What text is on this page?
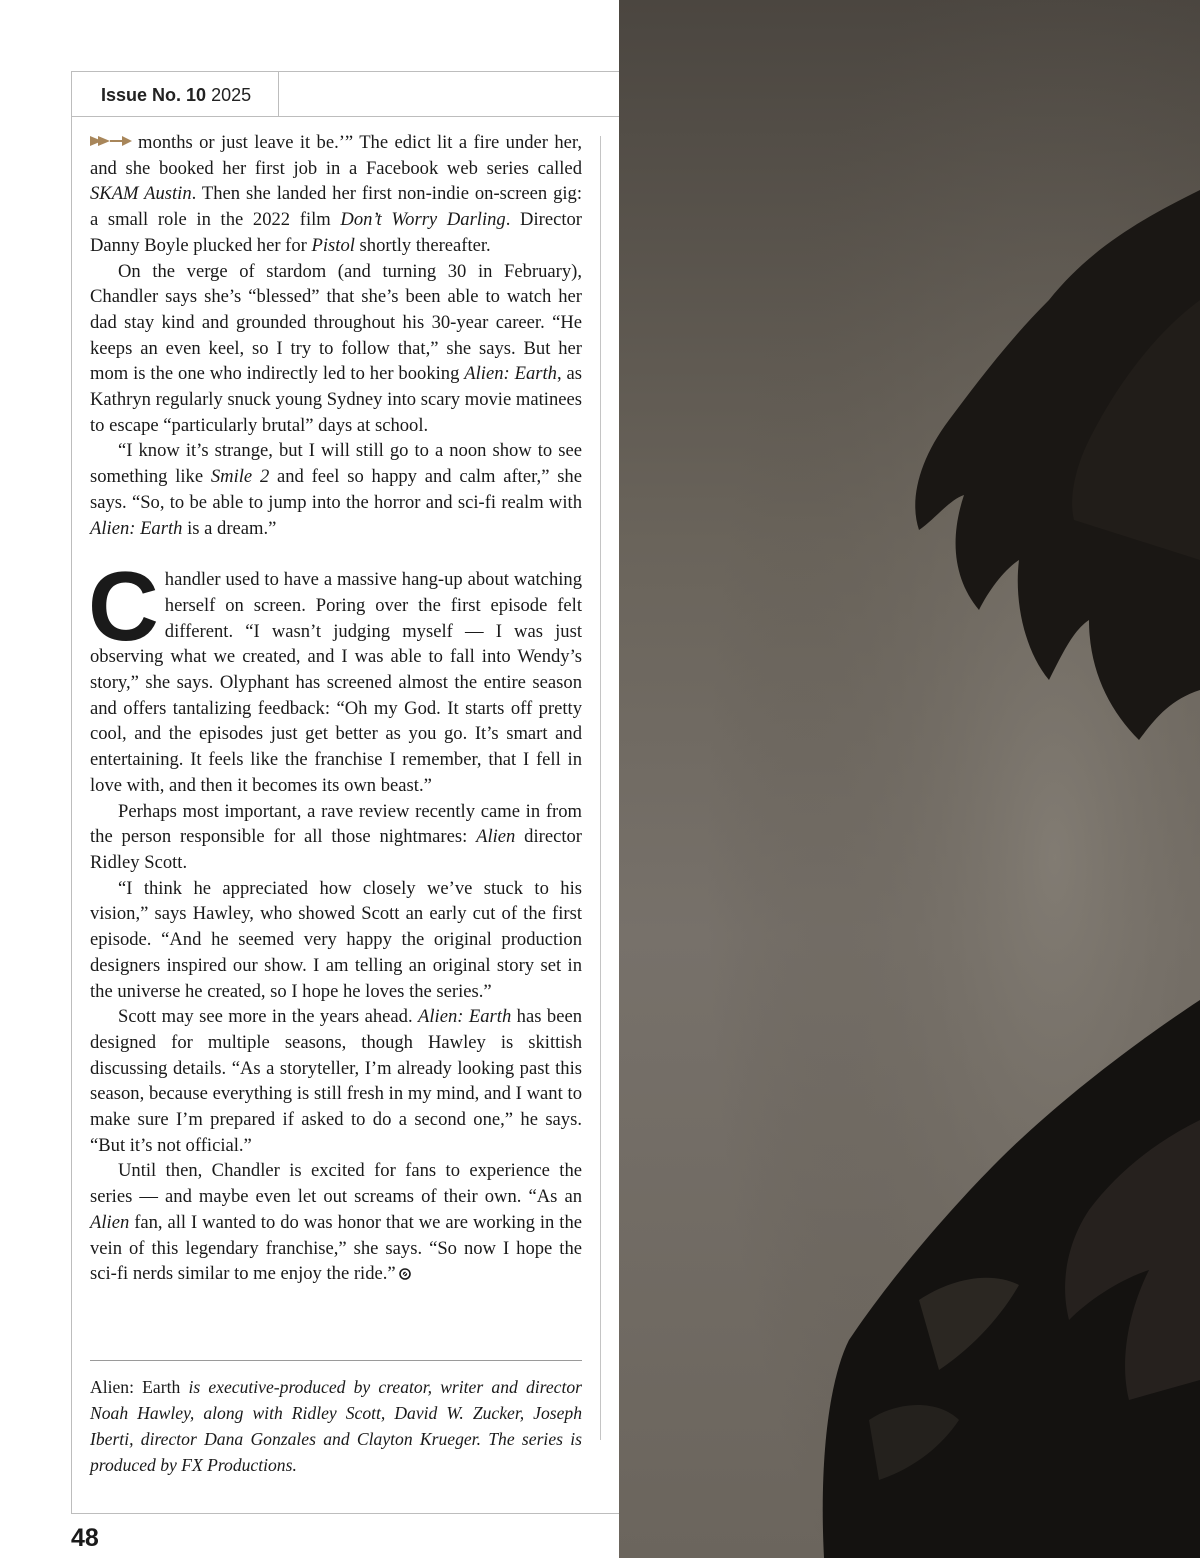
Issue No. 10 2025

months or just leave it be.’” The edict lit a fire under her, and she booked her first job in a Facebook web series called SKAM Austin. Then she landed her first non-indie on-screen gig: a small role in the 2022 film Don’t Worry Darling. Director Danny Boyle plucked her for Pistol shortly thereafter.

On the verge of stardom (and turning 30 in February), Chandler says she’s “blessed” that she’s been able to watch her dad stay kind and grounded throughout his 30-year career. “He keeps an even keel, so I try to follow that,” she says. But her mom is the one who indirectly led to her booking Alien: Earth, as Kathryn regularly snuck young Sydney into scary movie matinees to escape “particularly brutal” days at school.

“I know it’s strange, but I will still go to a noon show to see something like Smile 2 and feel so happy and calm after,” she says. “So, to be able to jump into the horror and sci-fi realm with Alien: Earth is a dream.”

Chandler used to have a massive hang-up about watching herself on screen. Poring over the first episode felt different. “I wasn’t judging myself — I was just observing what we created, and I was able to fall into Wendy’s story,” she says. Olyphant has screened almost the entire season and offers tantalizing feedback: “Oh my God. It starts off pretty cool, and the episodes just get better as you go. It’s smart and entertaining. It feels like the franchise I remember, that I fell in love with, and then it becomes its own beast.”

Perhaps most important, a rave review recently came in from the person responsible for all those nightmares: Alien director Ridley Scott.

“I think he appreciated how closely we’ve stuck to his vision,” says Hawley, who showed Scott an early cut of the first episode. “And he seemed very happy the original production designers inspired our show. I am telling an original story set in the universe he created, so I hope he loves the series.”

Scott may see more in the years ahead. Alien: Earth has been designed for multiple seasons, though Hawley is skittish discussing details. “As a storyteller, I’m already looking past this season, because everything is still fresh in my mind, and I want to make sure I’m prepared if asked to do a second one,” he says. “But it’s not official.”

Until then, Chandler is excited for fans to experience the series — and maybe even let out screams of their own. “As an Alien fan, all I wanted to do was honor that we are working in the vein of this legendary franchise,” she says. “So now I hope the sci-fi nerds similar to me enjoy the ride.”

Alien: Earth is executive-produced by creator, writer and director Noah Hawley, along with Ridley Scott, David W. Zucker, Joseph Iberti, director Dana Gonzales and Clayton Krueger. The series is produced by FX Productions.
48
